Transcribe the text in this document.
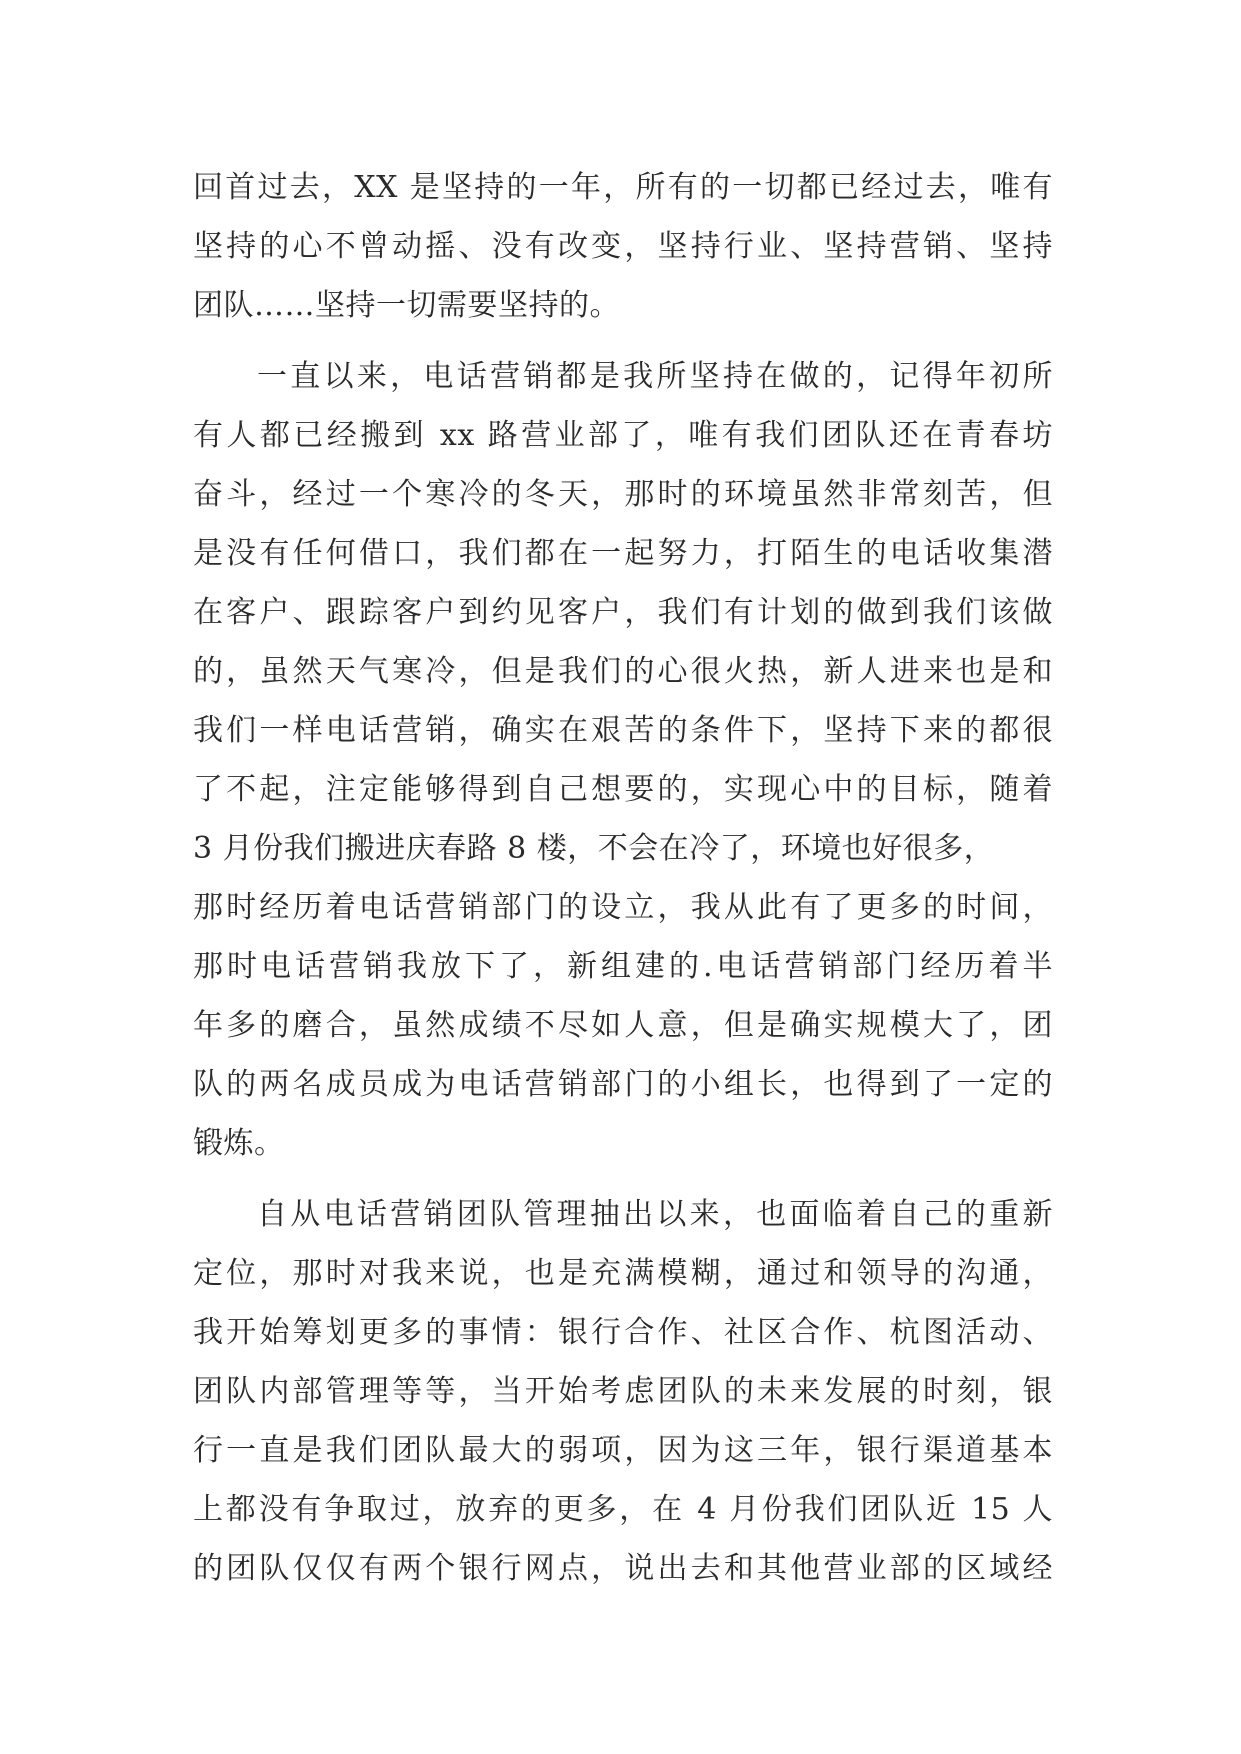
回首过去，XX 是坚持的一年，所有的一切都已经过去，唯有
坚持的心不曾动摇、没有改变，坚持行业、坚持营销、坚持
团队……坚持一切需要坚持的。
一直以来，电话营销都是我所坚持在做的，记得年初所
有人都已经搬到 xx 路营业部了，唯有我们团队还在青春坊
奋斗，经过一个寒冷的冬天，那时的环境虽然非常刻苦，但
是没有任何借口，我们都在一起努力，打陌生的电话收集潜
在客户、跟踪客户到约见客户，我们有计划的做到我们该做
的，虽然天气寒冷，但是我们的心很火热，新人进来也是和
我们一样电话营销，确实在艰苦的条件下，坚持下来的都很
了不起，注定能够得到自己想要的，实现心中的目标，随着
3 月份我们搬进庆春路 8 楼，不会在冷了，环境也好很多，
那时经历着电话营销部门的设立，我从此有了更多的时间，
那时电话营销我放下了，新组建的.电话营销部门经历着半
年多的磨合，虽然成绩不尽如人意，但是确实规模大了，团
队的两名成员成为电话营销部门的小组长，也得到了一定的
锻炼。
自从电话营销团队管理抽出以来，也面临着自己的重新
定位，那时对我来说，也是充满模糊，通过和领导的沟通，
我开始筹划更多的事情：银行合作、社区合作、杭图活动、
团队内部管理等等，当开始考虑团队的未来发展的时刻，银
行一直是我们团队最大的弱项，因为这三年，银行渠道基本
上都没有争取过，放弃的更多，在 4 月份我们团队近 15 人
的团队仅仅有两个银行网点，说出去和其他营业部的区域经
